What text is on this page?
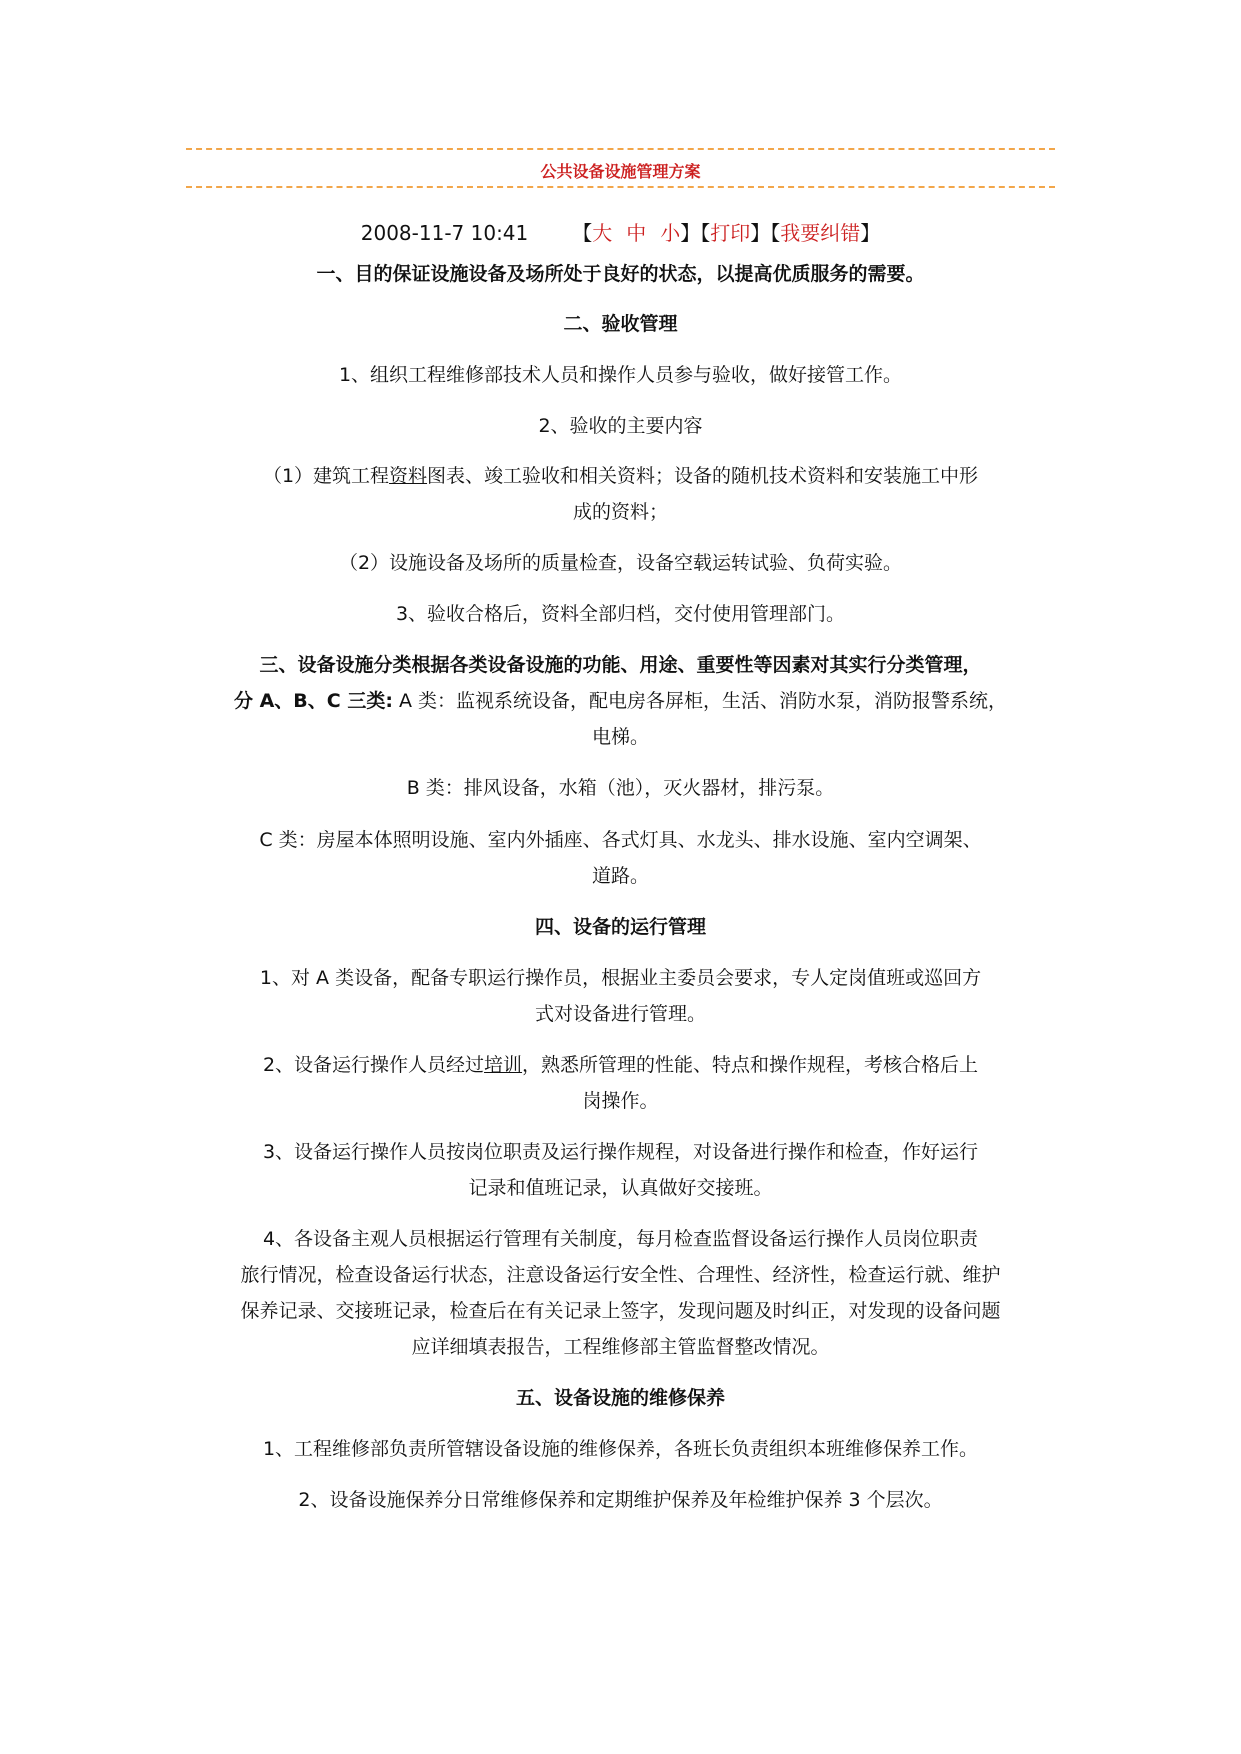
公共设备设施管理方案
2008-11-7 10:41 【大 中 小】【打印】【我要纠错】
一、目的保证设施设备及场所处于良好的状态，以提高优质服务的需要。
二、验收管理
1、组织工程维修部技术人员和操作人员参与验收，做好接管工作。
2、验收的主要内容
（1）建筑工程资料图表、竣工验收和相关资料；设备的随机技术资料和安装施工中形
成的资料；
（2）设施设备及场所的质量检查，设备空载运转试验、负荷实验。
3、验收合格后，资料全部归档，交付使用管理部门。
三、设备设施分类根据各类设备设施的功能、用途、重要性等因素对其实行分类管理，
分 A、B、C 三类: A 类：监视系统设备，配电房各屏柜，生活、消防水泵，消防报警系统，
电梯。
B 类：排风设备，水箱（池），灭火器材，排污泵。
C 类：房屋本体照明设施、室内外插座、各式灯具、水龙头、排水设施、室内空调架、
道路。
四、设备的运行管理
1、对 A 类设备，配备专职运行操作员，根据业主委员会要求，专人定岗值班或巡回方
式对设备进行管理。
2、设备运行操作人员经过培训，熟悉所管理的性能、特点和操作规程，考核合格后上
岗操作。
3、设备运行操作人员按岗位职责及运行操作规程，对设备进行操作和检查，作好运行
记录和值班记录，认真做好交接班。
4、各设备主观人员根据运行管理有关制度，每月检查监督设备运行操作人员岗位职责
旅行情况，检查设备运行状态，注意设备运行安全性、合理性、经济性，检查运行就、维护
保养记录、交接班记录，检查后在有关记录上签字，发现问题及时纠正，对发现的设备问题
应详细填表报告，工程维修部主管监督整改情况。
五、设备设施的维修保养
1、工程维修部负责所管辖设备设施的维修保养，各班长负责组织本班维修保养工作。
2、设备设施保养分日常维修保养和定期维护保养及年检维护保养 3 个层次。
